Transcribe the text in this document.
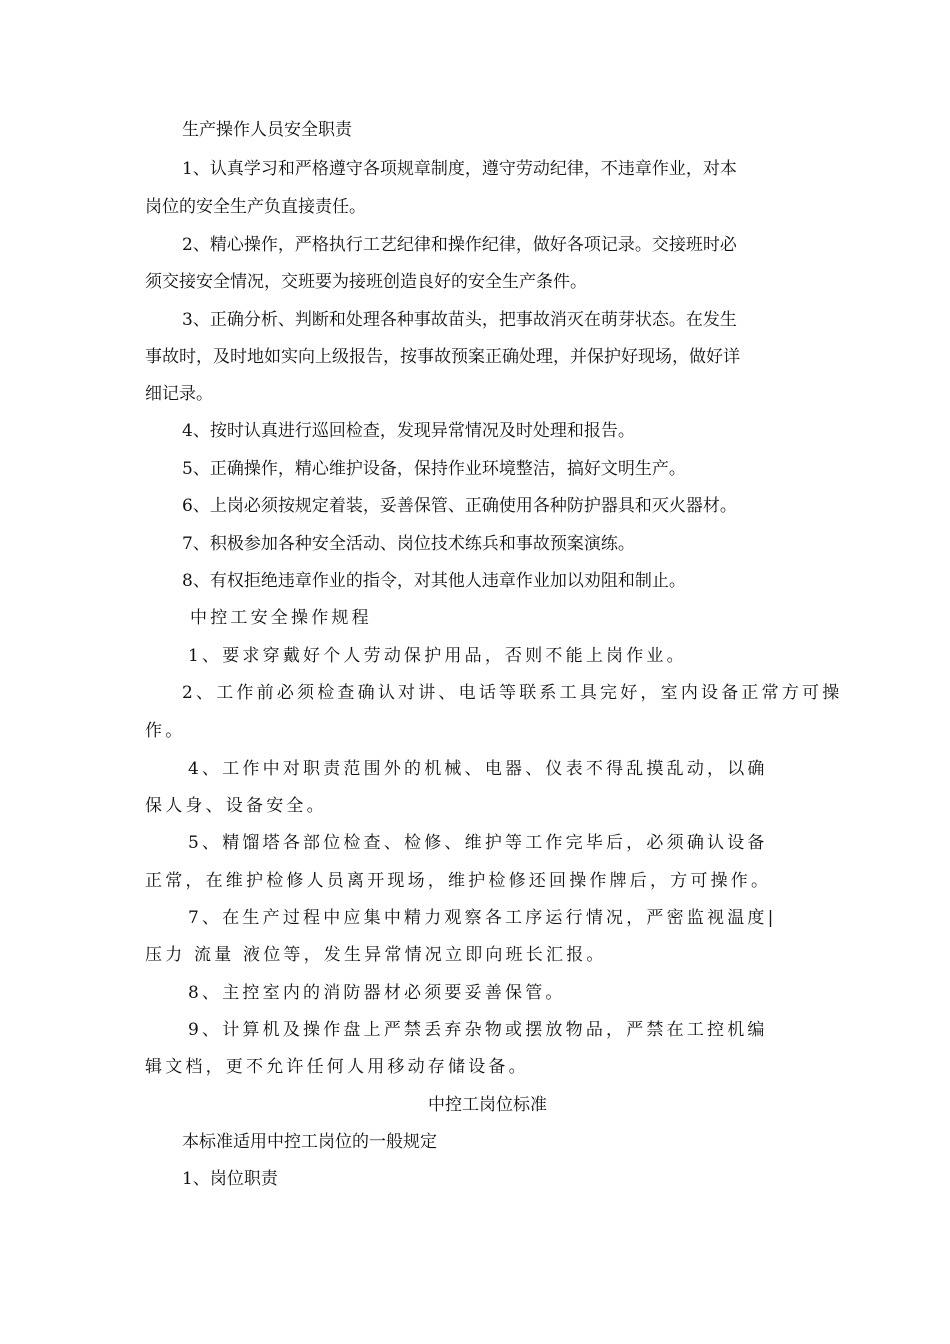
生产操作人员安全职责
1、认真学习和严格遵守各项规章制度，遵守劳动纪律，不违章作业，对本
岗位的安全生产负直接责任。
2、精心操作，严格执行工艺纪律和操作纪律，做好各项记录。交接班时必
须交接安全情况，交班要为接班创造良好的安全生产条件。
3、正确分析、判断和处理各种事故苗头，把事故消灭在萌芽状态。在发生
事故时，及时地如实向上级报告，按事故预案正确处理，并保护好现场，做好详
细记录。
4、按时认真进行巡回检查，发现异常情况及时处理和报告。
5、正确操作，精心维护设备，保持作业环境整洁，搞好文明生产。
6、上岗必须按规定着装，妥善保管、正确使用各种防护器具和灭火器材。
7、积极参加各种安全活动、岗位技术练兵和事故预案演练。
8、有权拒绝违章作业的指令，对其他人违章作业加以劝阻和制止。
中控工安全操作规程
1、要求穿戴好个人劳动保护用品，否则不能上岗作业。
2、工作前必须检查确认对讲、电话等联系工具完好，室内设备正常方可操
作。
4、工作中对职责范围外的机械、电器、仪表不得乱摸乱动，以确
保人身、设备安全。
5、精馏塔各部位检查、检修、维护等工作完毕后，必须确认设备
正常，在维护检修人员离开现场，维护检修还回操作牌后，方可操作。
7、在生产过程中应集中精力观察各工序运行情况，严密监视温度|
压力 流量 液位等，发生异常情况立即向班长汇报。
8、主控室内的消防器材必须要妥善保管。
9、计算机及操作盘上严禁丢弃杂物或摆放物品，严禁在工控机编
辑文档，更不允许任何人用移动存储设备。
中控工岗位标准
本标准适用中控工岗位的一般规定
1、岗位职责
